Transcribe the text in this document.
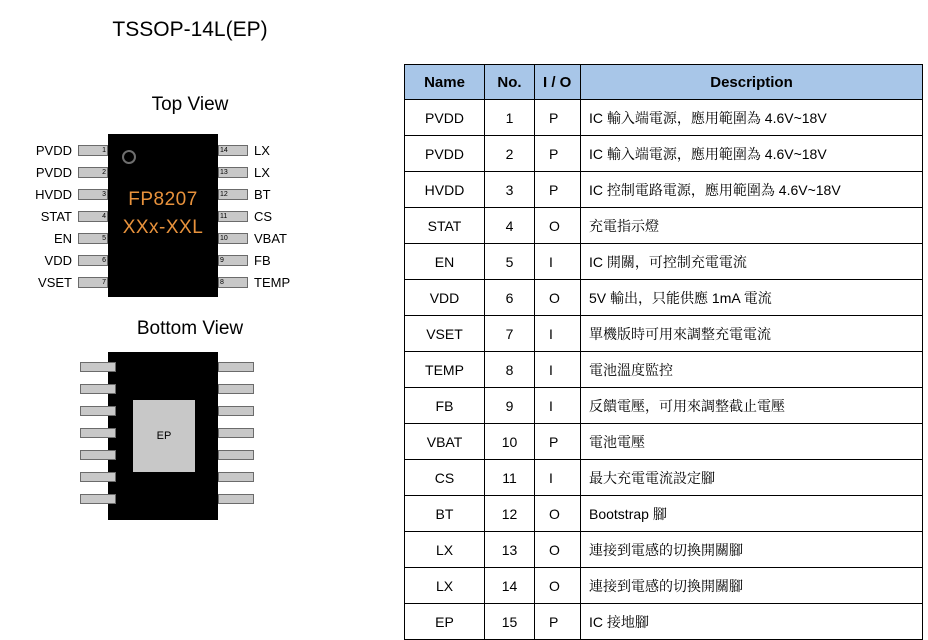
TSSOP-14L(EP)
Top View
FP8207
XXx-XXL
PVDD	1
PVDD	2
HVDD	3
STAT	4
EN	5
VDD	6
VSET	7
14	LX
13	LX
12	BT
11	CS
10	VBAT
9	FB
8	TEMP
Bottom View
EP
Name	No.	I / O	Description
PVDD	1	P	IC 輸入端電源，應用範圍為 4.6V~18V
PVDD	2	P	IC 輸入端電源，應用範圍為 4.6V~18V
HVDD	3	P	IC 控制電路電源，應用範圍為 4.6V~18V
STAT	4	O	充電指示燈
EN	5	I	IC 開關，可控制充電電流
VDD	6	O	5V 輸出，只能供應 1mA 電流
VSET	7	I	單機版時可用來調整充電電流
TEMP	8	I	電池溫度監控
FB	9	I	反饋電壓，可用來調整截止電壓
VBAT	10	P	電池電壓
CS	11	I	最大充電電流設定腳
BT	12	O	Bootstrap 腳
LX	13	O	連接到電感的切換開關腳
LX	14	O	連接到電感的切換開關腳
EP	15	P	IC 接地腳
